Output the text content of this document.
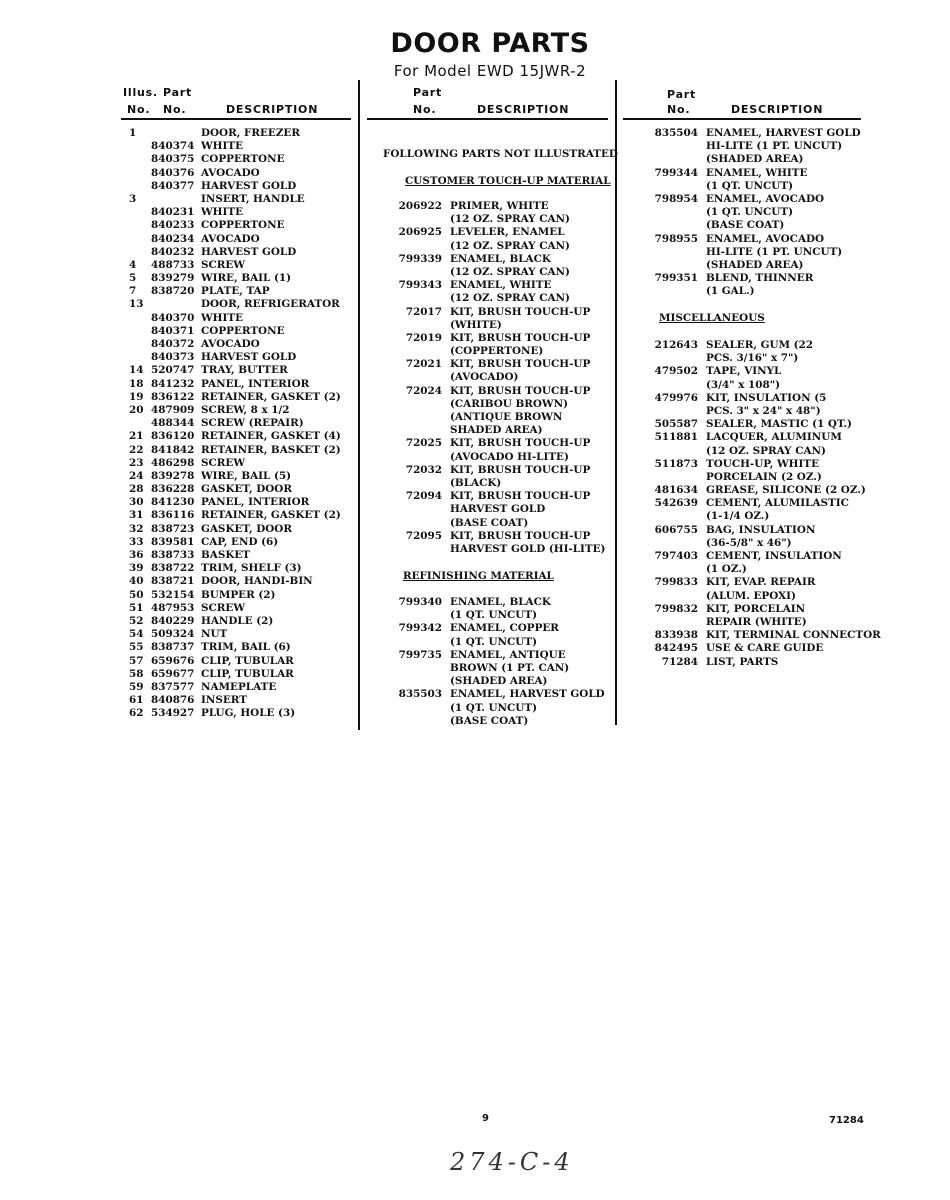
DOOR PARTS
For Model EWD 15JWR-2
Illus. Part
No. No.	DESCRIPTION
Part
No.	DESCRIPTION
Part
No.	DESCRIPTION
1	DOOR, FREEZER
840374 WHITE
840375 COPPERTONE
840376 AVOCADO
840377 HARVEST GOLD
3	INSERT, HANDLE
840231 WHITE
840233 COPPERTONE
840234 AVOCADO
840232 HARVEST GOLD
4	488733 SCREW
5	839279 WIRE, BAIL (1)
7	838720 PLATE, TAP
13	DOOR, REFRIGERATOR
840370 WHITE
840371 COPPERTONE
840372 AVOCADO
840373 HARVEST GOLD
14 520747 TRAY, BUTTER
18 841232 PANEL, INTERIOR
19 836122 RETAINER, GASKET (2)
20 487909 SCREW, 8 x 1/2
488344 SCREW (REPAIR)
21 836120 RETAINER, GASKET (4)
22 841842 RETAINER, BASKET (2)
23 486298 SCREW
24 839278 WIRE, BAIL (5)
28 836228 GASKET, DOOR
30 841230 PANEL, INTERIOR
31 836116 RETAINER, GASKET (2)
32 838723 GASKET, DOOR
33 839581 CAP, END (6)
36 838733 BASKET
39 838722 TRIM, SHELF (3)
40 838721 DOOR, HANDI-BIN
50 532154 BUMPER (2)
51 487953 SCREW
52 840229 HANDLE (2)
54 509324 NUT
55 838737 TRIM, BAIL (6)
57 659676 CLIP, TUBULAR
58 659677 CLIP, TUBULAR
59 837577 NAMEPLATE
61 840876 INSERT
62 534927 PLUG, HOLE (3)
FOLLOWING PARTS NOT ILLUSTRATED
CUSTOMER TOUCH-UP MATERIAL
206922 PRIMER, WHITE
(12 OZ. SPRAY CAN)
206925 LEVELER, ENAMEL
(12 OZ. SPRAY CAN)
799339 ENAMEL, BLACK
(12 OZ. SPRAY CAN)
799343 ENAMEL, WHITE
(12 OZ. SPRAY CAN)
72017 KIT, BRUSH TOUCH-UP
(WHITE)
72019 KIT, BRUSH TOUCH-UP
(COPPERTONE)
72021 KIT, BRUSH TOUCH-UP
(AVOCADO)
72024 KIT, BRUSH TOUCH-UP
(CARIBOU BROWN)
(ANTIQUE BROWN
SHADED AREA)
72025 KIT, BRUSH TOUCH-UP
(AVOCADO HI-LITE)
72032 KIT, BRUSH TOUCH-UP
(BLACK)
72094 KIT, BRUSH TOUCH-UP
HARVEST GOLD
(BASE COAT)
72095 KIT, BRUSH TOUCH-UP
HARVEST GOLD (HI-LITE)
REFINISHING MATERIAL
799340 ENAMEL, BLACK
(1 QT. UNCUT)
799342 ENAMEL, COPPER
(1 QT. UNCUT)
799735 ENAMEL, ANTIQUE
BROWN (1 PT. CAN)
(SHADED AREA)
835503 ENAMEL, HARVEST GOLD
(1 QT. UNCUT)
(BASE COAT)
835504 ENAMEL, HARVEST GOLD
HI-LITE (1 PT. UNCUT)
(SHADED AREA)
799344 ENAMEL, WHITE
(1 QT. UNCUT)
798954 ENAMEL, AVOCADO
(1 QT. UNCUT)
(BASE COAT)
798955 ENAMEL, AVOCADO
HI-LITE (1 PT. UNCUT)
(SHADED AREA)
799351 BLEND, THINNER
(1 GAL.)
MISCELLANEOUS
212643 SEALER, GUM (22
PCS. 3/16" x 7")
479502 TAPE, VINYL
(3/4" x 108")
479976 KIT, INSULATION (5
PCS. 3" x 24" x 48")
505587 SEALER, MASTIC (1 QT.)
511881 LACQUER, ALUMINUM
(12 OZ. SPRAY CAN)
511873 TOUCH-UP, WHITE
PORCELAIN (2 OZ.)
481634 GREASE, SILICONE (2 OZ.)
542639 CEMENT, ALUMILASTIC
(1-1/4 OZ.)
606755 BAG, INSULATION
(36-5/8" x 46")
797403 CEMENT, INSULATION
(1 OZ.)
799833 KIT, EVAP. REPAIR
(ALUM. EPOXI)
799832 KIT, PORCELAIN
REPAIR (WHITE)
833938 KIT, TERMINAL CONNECTOR
842495 USE & CARE GUIDE
71284 LIST, PARTS
9	71284
274-C-4
